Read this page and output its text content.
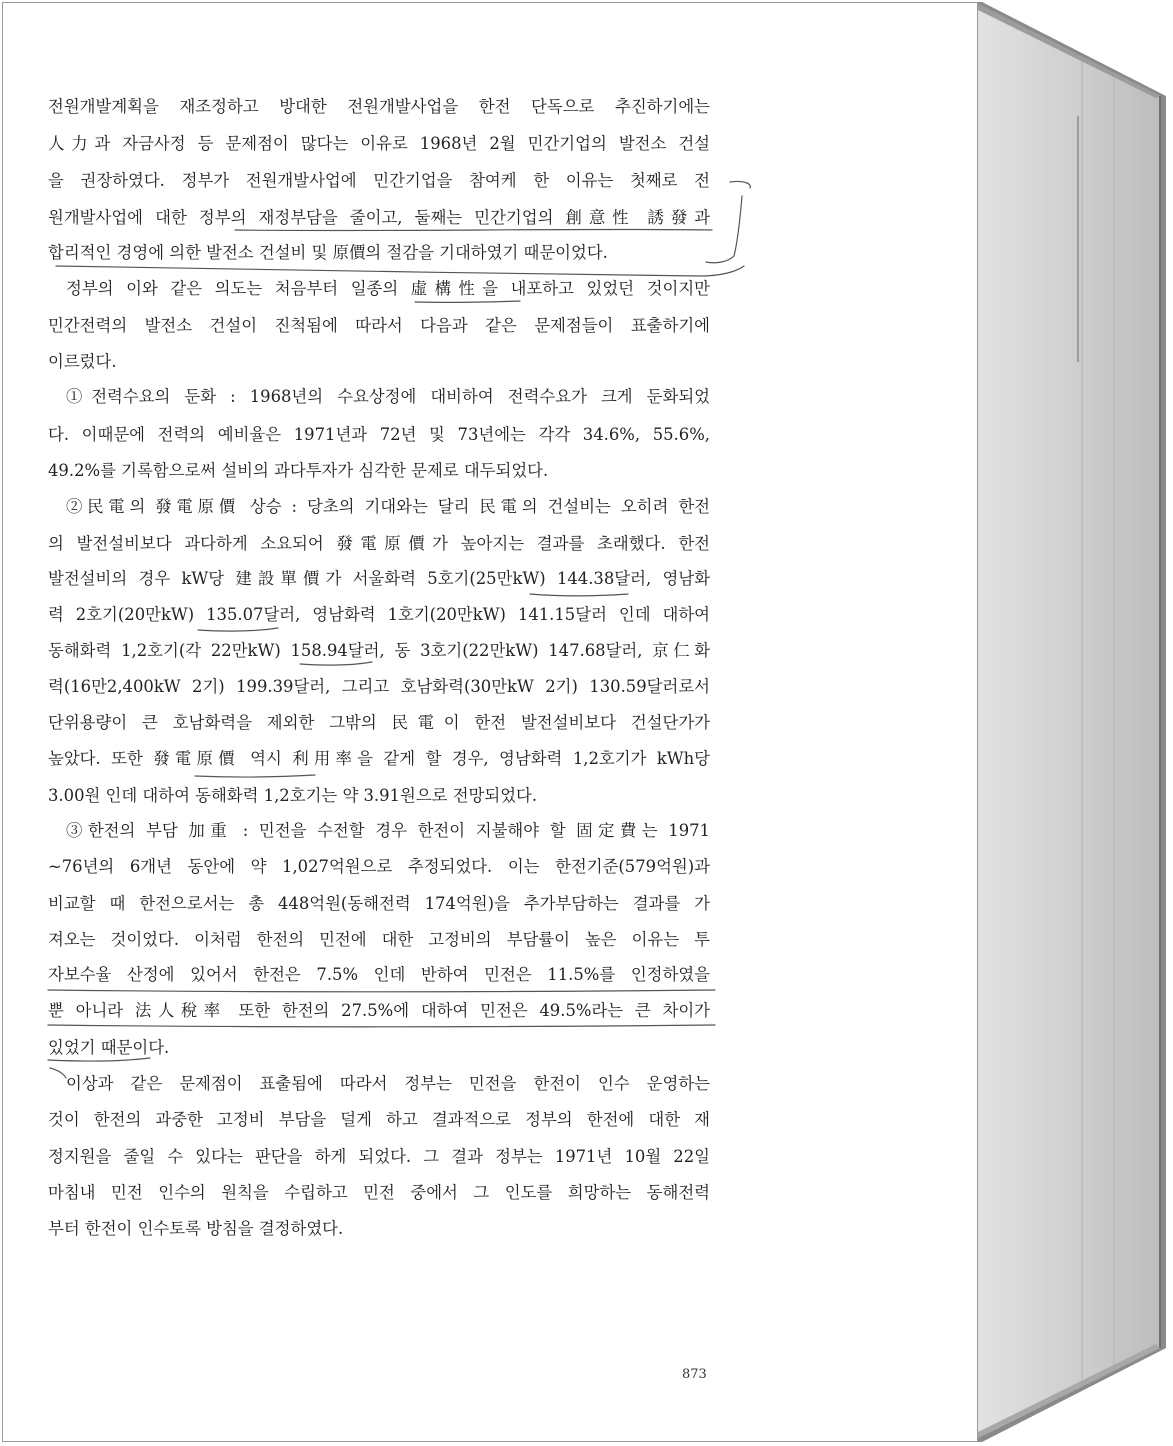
전원개발계획을 재조정하고 방대한 전원개발사업을 한전 단독으로 추진하기에는
人力과 자금사정 등 문제점이 많다는 이유로 1968년 2월 민간기업의 발전소 건설
을 권장하였다. 정부가 전원개발사업에 민간기업을 참여케 한 이유는 첫째로 전
원개발사업에 대한 정부의 재정부담을 줄이고, 둘째는 민간기업의 創意性 誘發과
합리적인 경영에 의한 발전소 건설비 및 原價의 절감을 기대하였기 때문이었다.
정부의 이와 같은 의도는 처음부터 일종의 虛構性을 내포하고 있었던 것이지만
민간전력의 발전소 건설이 진척됨에 따라서 다음과 같은 문제점들이 표출하기에
이르렀다.
①전력수요의 둔화 : 1968년의 수요상정에 대비하여 전력수요가 크게 둔화되었
다. 이때문에 전력의 예비율은 1971년과 72년 및 73년에는 각각 34.6%, 55.6%,
49.2%를 기록함으로써 설비의 과다투자가 심각한 문제로 대두되었다.
②民電의 發電原價 상승 : 당초의 기대와는 달리 民電의 건설비는 오히려 한전
의 발전설비보다 과다하게 소요되어 發電原價가 높아지는 결과를 초래했다. 한전
발전설비의 경우 kW당 建設單價가 서울화력 5호기(25만kW) 144.38달러, 영남화
력 2호기(20만kW) 135.07달러, 영남화력 1호기(20만kW) 141.15달러 인데 대하여
동해화력 1,2호기(각 22만kW) 158.94달러, 동 3호기(22만kW) 147.68달러, 京仁화
력(16만2,400kW 2기) 199.39달러, 그리고 호남화력(30만kW 2기) 130.59달러로서
단위용량이 큰 호남화력을 제외한 그밖의 民電이 한전 발전설비보다 건설단가가
높았다. 또한 發電原價 역시 利用率을 같게 할 경우, 영남화력 1,2호기가 kWh당
3.00원 인데 대하여 동해화력 1,2호기는 약 3.91원으로 전망되었다.
③한전의 부담 加重 : 민전을 수전할 경우 한전이 지불해야 할 固定費는 1971
~76년의 6개년 동안에 약 1,027억원으로 추정되었다. 이는 한전기준(579억원)과
비교할 때 한전으로서는 총 448억원(동해전력 174억원)을 추가부담하는 결과를 가
져오는 것이었다. 이처럼 한전의 민전에 대한 고정비의 부담률이 높은 이유는 투
자보수율 산정에 있어서 한전은 7.5% 인데 반하여 민전은 11.5%를 인정하였을
뿐 아니라 法人稅率 또한 한전의 27.5%에 대하여 민전은 49.5%라는 큰 차이가
있었기 때문이다.
이상과 같은 문제점이 표출됨에 따라서 정부는 민전을 한전이 인수 운영하는
것이 한전의 과중한 고정비 부담을 덜게 하고 결과적으로 정부의 한전에 대한 재
정지원을 줄일 수 있다는 판단을 하게 되었다. 그 결과 정부는 1971년 10월 22일
마침내 민전 인수의 원칙을 수립하고 민전 중에서 그 인도를 희망하는 동해전력
부터 한전이 인수토록 방침을 결정하였다.
873
